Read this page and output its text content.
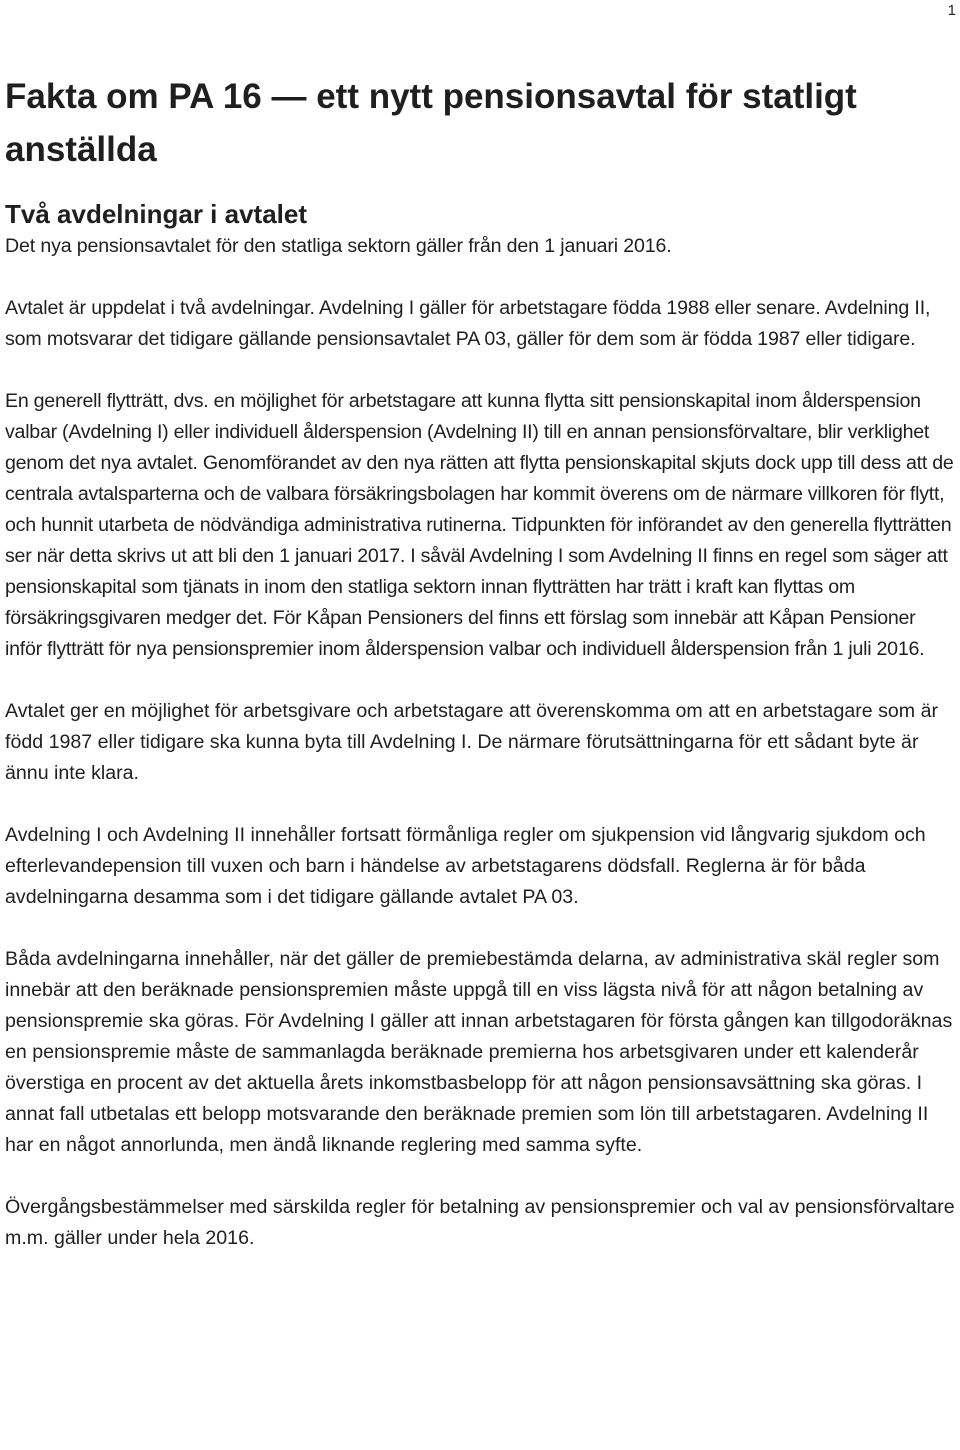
1
Fakta om PA 16 — ett nytt pensionsavtal för statligt anställda
Två avdelningar i avtalet

Det nya pensionsavtalet för den statliga sektorn gäller från den 1 januari 2016.

Avtalet är uppdelat i två avdelningar. Avdelning I gäller för arbetstagare födda 1988 eller senare. Avdelning II, som motsvarar det tidigare gällande pensionsavtalet PA 03, gäller för dem som är födda 1987 eller tidigare.

En generell flytträtt, dvs. en möjlighet för arbetstagare att kunna flytta sitt pensionskapital inom ålderspension valbar (Avdelning I) eller individuell ålderspension (Avdelning II) till en annan pensionsförvaltare, blir verklighet genom det nya avtalet. Genomförandet av den nya rätten att flytta pensionskapital skjuts dock upp till dess att de centrala avtalsparterna och de valbara försäkringsbolagen har kommit överens om de närmare villkoren för flytt, och hunnit utarbeta de nödvändiga administrativa rutinerna. Tidpunkten för införandet av den generella flytträtten ser när detta skrivs ut att bli den 1 januari 2017. I såväl Avdelning I som Avdelning II finns en regel som säger att pensionskapital som tjänats in inom den statliga sektorn innan flytträtten har trätt i kraft kan flyttas om försäkringsgivaren medger det. För Kåpan Pensioners del finns ett förslag som innebär att Kåpan Pensioner inför flytträtt för nya pensionspremier inom ålderspension valbar och individuell ålderspension från 1 juli 2016.

Avtalet ger en möjlighet för arbetsgivare och arbetstagare att överenskomma om att en arbetstagare som är född 1987 eller tidigare ska kunna byta till Avdelning I. De närmare förutsättningarna för ett sådant byte är ännu inte klara.

Avdelning I och Avdelning II innehåller fortsatt förmånliga regler om sjukpension vid långvarig sjukdom och efterlevandepension till vuxen och barn i händelse av arbetstagarens dödsfall. Reglerna är för båda avdelningarna desamma som i det tidigare gällande avtalet PA 03.

Båda avdelningarna innehåller, när det gäller de premiebestämda delarna, av administrativa skäl regler som innebär att den beräknade pensionspremien måste uppgå till en viss lägsta nivå för att någon betalning av pensionspremie ska göras. För Avdelning I gäller att innan arbetstagaren för första gången kan tillgodoräknas en pensionspremie måste de sammanlagda beräknade premierna hos arbetsgivaren under ett kalenderår överstiga en procent av det aktuella årets inkomstbasbelopp för att någon pensionsavsättning ska göras. I annat fall utbetalas ett belopp motsvarande den beräknade premien som lön till arbetstagaren. Avdelning II har en något annorlunda, men ändå liknande reglering med samma syfte.

Övergångsbestämmelser med särskilda regler för betalning av pensionspremier och val av pensionsförvaltare m.m. gäller under hela 2016.
